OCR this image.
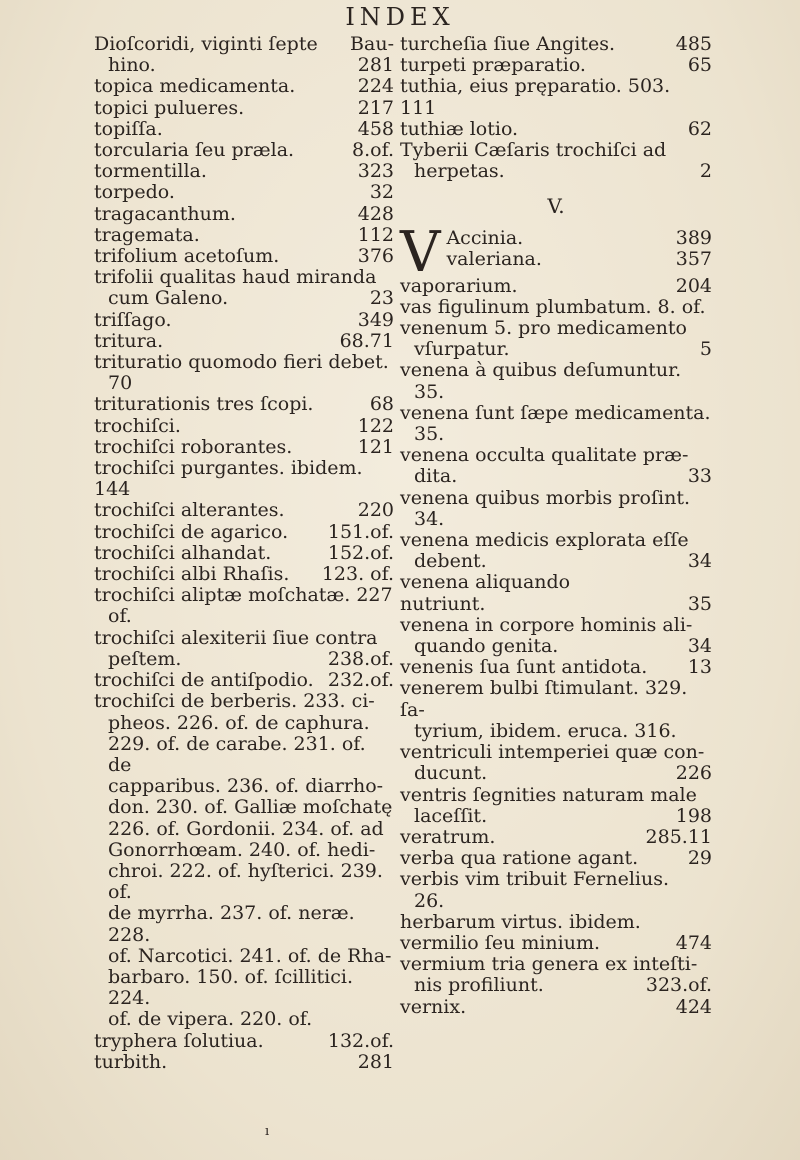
INDEX
Dioſcoridi, viginti ſepte Bau-
hino.	281
topica medicamenta.	224
topici pulueres.	217
topiſſa.	458
torcularia ſeu prælа.	8.of.
tormentilla.	323
torpedo.	32
tragacanthum.	428
tragemata.	112
trifolium acetoſum.	376
trifolii qualitas haud miranda
cum Galeno.	23
triſſago.	349
tritura.	68.71
trituratio quomodo fieri debet.
70
triturationis tres ſcopi.	68
trochiſci.	122
trochiſci roborantes.	121
trochiſci purgantes. ibidem. 144
trochiſci alterantes.	220
trochiſci de agarico. 151.of.
trochiſci alhandat.	152.of.
trochiſci albi Rhaſis. 123. of.
trochiſci aliptæ moſchatæ. 227
of.
trochiſci alexiterii ſiue contra
peſtem.	238.of.
trochiſci de antiſpodio. 232.of.
trochiſci de berberis. 233. ci-
pheos. 226. of. de caphura.
229. of. de carabe. 231. of. de
capparibus. 236. of. diarrho-
don. 230. of. Galliæ moſchatę
226. of. Gordonii. 234. of. ad
Gonorrhœam. 240. of. hedi-
chroi. 222. of. hyſterici. 239. of.
de myrrha. 237. of. neræ. 228.
of. Narcotici. 241. of. de Rha-
barbaro. 150. of. ſcillitici. 224.
of. de vipera. 220. of.
tryphera ſolutiua.	132.of.
turbith.	281
turcheſia ſiue Angites.	485
turpeti præparatio.	65
tuthia, eius pręparatio. 503. 111
tuthiæ lotio.	62
Tyberii Cæſaris trochiſci ad
herpetas.	2
V.
V Accinia.	389
valeriana.	357
vaporarium.	204
vas figulinum plumbatum. 8. of.
venenum 5. pro medicamento
vſurpatur.	5
venena à quibus deſumuntur.
35.
venena ſunt ſæpe medicamenta.
35.
venena occulta qualitate præ-
dita.	33
venena quibus morbis proſint.
34.
venena medicis explorata eſſe
debent.	34
venena aliquando nutriunt.	35
venena in corpore hominis ali-
quando genita.	34
venenis ſua ſunt antidota. 13
venerem bulbi ſtimulant. 329. ſa-
tyrium, ibidem. eruca. 316.
ventriculi intemperiei quæ con-
ducunt.	226
ventris ſegnities naturam male
laceſſit.	198
veratrum.	285.11
verba qua ratione agant.	29
verbis vim tribuit Fernelius.
26.
herbarum virtus. ibidem.
vermilio ſeu minium.	474
vermium tria genera ex inteſti-
nis profiliunt.	323.of.
vernix.	424
ı
